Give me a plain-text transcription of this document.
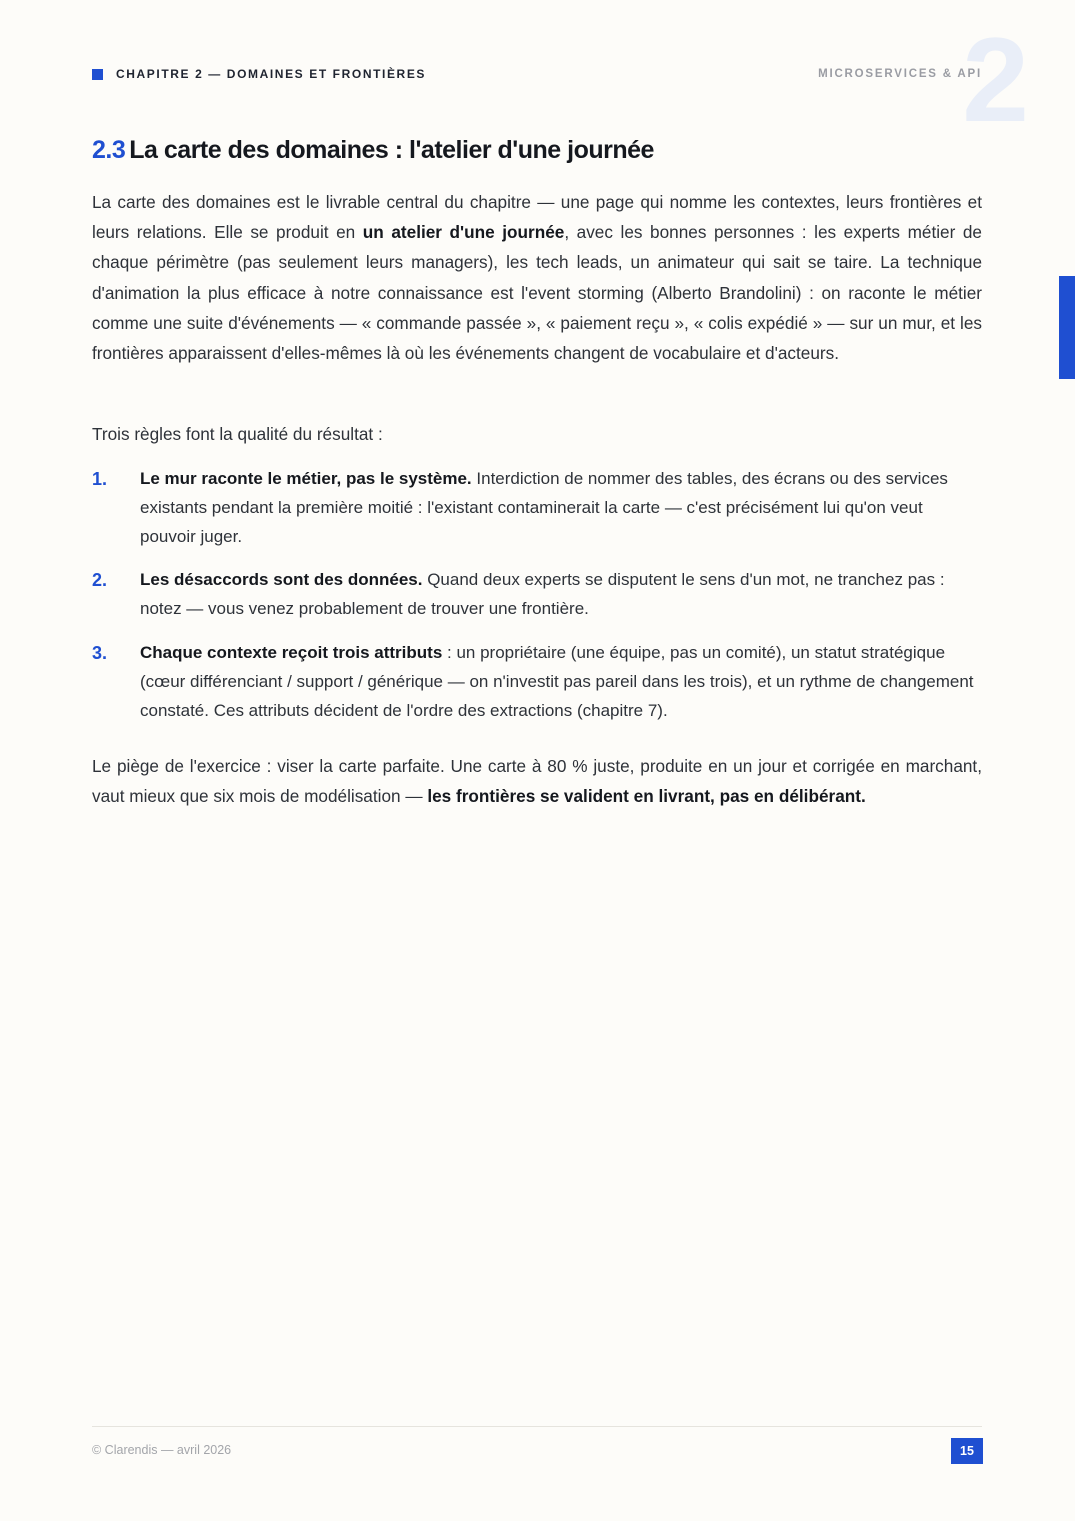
CHAPITRE 2 — DOMAINES ET FRONTIÈRES	2
MICROSERVICES & API
2.3 La carte des domaines : l'atelier d'une journée

La carte des domaines est le livrable central du chapitre — une page qui nomme les contextes, leurs frontières et leurs relations. Elle se produit en un atelier d'une journée, avec les bonnes personnes : les experts métier de chaque périmètre (pas seulement leurs managers), les tech leads, un animateur qui sait se taire. La technique d'animation la plus efficace à notre connaissance est l'event storming (Alberto Brandolini) : on raconte le métier comme une suite d'événements — « commande passée », « paiement reçu », « colis expédié » — sur un mur, et les frontières apparaissent d'elles-mêmes là où les événements changent de vocabulaire et d'acteurs.

Trois règles font la qualité du résultat :

1. Le mur raconte le métier, pas le système. Interdiction de nommer des tables, des écrans ou des services existants pendant la première moitié : l'existant contaminerait la carte — c'est précisément lui qu'on veut pouvoir juger.
2. Les désaccords sont des données. Quand deux experts se disputent le sens d'un mot, ne tranchez pas : notez — vous venez probablement de trouver une frontière.
3. Chaque contexte reçoit trois attributs : un propriétaire (une équipe, pas un comité), un statut stratégique (cœur différenciant / support / générique — on n'investit pas pareil dans les trois), et un rythme de changement constaté. Ces attributs décident de l'ordre des extractions (chapitre 7).

Le piège de l'exercice : viser la carte parfaite. Une carte à 80 % juste, produite en un jour et corrigée en marchant, vaut mieux que six mois de modélisation — les frontières se valident en livrant, pas en délibérant.

© Clarendis — avril 2026	15
